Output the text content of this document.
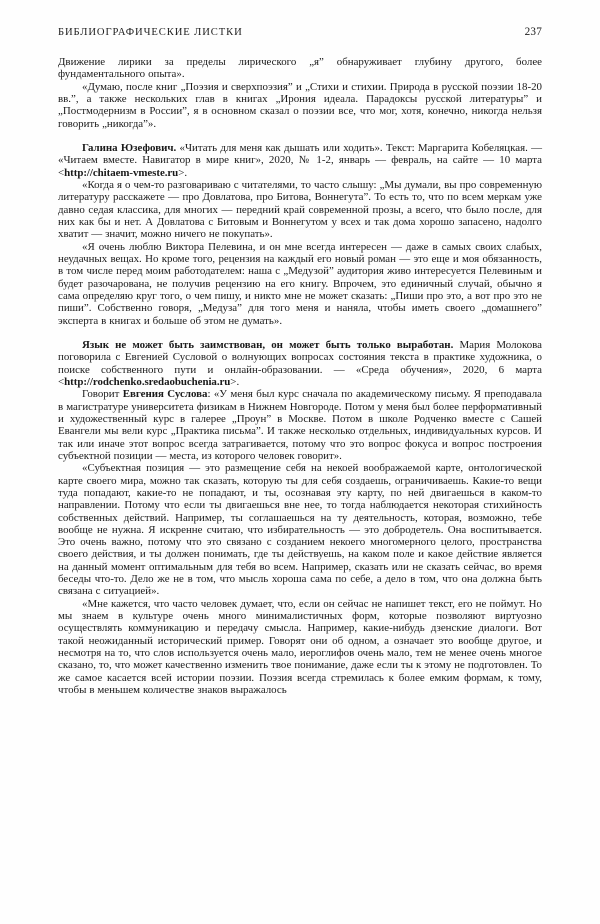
БИБЛИОГРАФИЧЕСКИЕ ЛИСТКИ	237

Движение лирики за пределы лирического „я” обнаруживает глубину другого, более фундаментального опыта».

«Думаю, после книг „Поэзия и сверхпоэзия” и „Стихи и стихии. Природа в русской поэзии 18-20 вв.”, а также нескольких глав в книгах „Ирония идеала. Парадоксы русской литературы” и „Постмодернизм в России”, я в основном сказал о поэзии все, что мог, хотя, конечно, никогда нельзя говорить „никогда”».

Галина Юзефович. «Читать для меня как дышать или ходить». Текст: Маргарита Кобеляцкая. — «Читаем вместе. Навигатор в мире книг», 2020, № 1-2, январь — февраль, на сайте — 10 марта <http://chitaem-vmeste.ru>.

«Когда я о чем-то разговариваю с читателями, то часто слышу: „Мы думали, вы про современную литературу расскажете — про Довлатова, про Битова, Воннегута”. То есть то, что по всем меркам уже давно седая классика, для многих — передний край современной прозы, а всего, что было после, для них как бы и нет. А Довлатова с Битовым и Воннегутом у всех и так дома хорошо запасено, надолго хватит — значит, можно ничего не покупать».

«Я очень люблю Виктора Пелевина, и он мне всегда интересен — даже в самых своих слабых, неудачных вещах. Но кроме того, рецензия на каждый его новый роман — это еще и моя обязанность, в том числе перед моим работодателем: наша с „Медузой” аудитория живо интересуется Пелевиным и будет разочарована, не получив рецензию на его книгу. Впрочем, это единичный случай, обычно я сама определяю круг того, о чем пишу, и никто мне не может сказать: „Пиши про это, а вот про это не пиши”. Собственно говоря, „Медуза” для того меня и наняла, чтобы иметь своего „домашнего” эксперта в книгах и больше об этом не думать».

Язык не может быть заимствован, он может быть только выработан. Мария Молокова поговорила с Евгенией Сусловой о волнующих вопросах состояния текста в практике художника, о поиске собственного пути и онлайн-образовании. — «Среда обучения», 2020, 6 марта <http://rodchenko.sredaobuchenia.ru>.

Говорит Евгения Суслова: «У меня был курс сначала по академическому письму. Я преподавала в магистратуре университета физикам в Нижнем Новгороде. Потом у меня был более перформативный и художественный курс в галерее „Проун” в Москве. Потом в школе Родченко вместе с Сашей Евангели мы вели курс „Практика письма”. И также несколько отдельных, индивидуальных курсов. И так или иначе этот вопрос всегда затрагивается, потому что это вопрос фокуса и вопрос построения субъектной позиции — места, из которого человек говорит».

«Субъектная позиция — это размещение себя на некоей воображаемой карте, онтологической карте своего мира, можно так сказать, которую ты для себя создаешь, ограничиваешь. Какие-то вещи туда попадают, какие-то не попадают, и ты, осознавая эту карту, по ней двигаешься в каком-то направлении. Потому что если ты двигаешься вне нее, то тогда наблюдается некоторая стихийность собственных действий. Например, ты соглашаешься на ту деятельность, которая, возможно, тебе вообще не нужна. Я искренне считаю, что избирательность — это добродетель. Она воспитывается. Это очень важно, потому что это связано с созданием некоего многомерного целого, пространства своего действия, и ты должен понимать, где ты действуешь, на каком поле и какое действие является на данный момент оптимальным для тебя во всем. Например, сказать или не сказать сейчас, во время беседы что-то. Дело же не в том, что мысль хороша сама по себе, а дело в том, что она должна быть связана с ситуацией».

«Мне кажется, что часто человек думает, что, если он сейчас не напишет текст, его не поймут. Но мы знаем в культуре очень много минималистичных форм, которые позволяют виртуозно осуществлять коммуникацию и передачу смысла. Например, какие-нибудь дзенские диалоги. Вот такой неожиданный исторический пример. Говорят они об одном, а означает это вообще другое, и несмотря на то, что слов используется очень мало, иероглифов очень мало, тем не менее очень многое сказано, то, что может качественно изменить твое понимание, даже если ты к этому не подготовлен. То же самое касается всей истории поэзии. Поэзия всегда стремилась к более емким формам, к тому, чтобы в меньшем количестве знаков выражалось
